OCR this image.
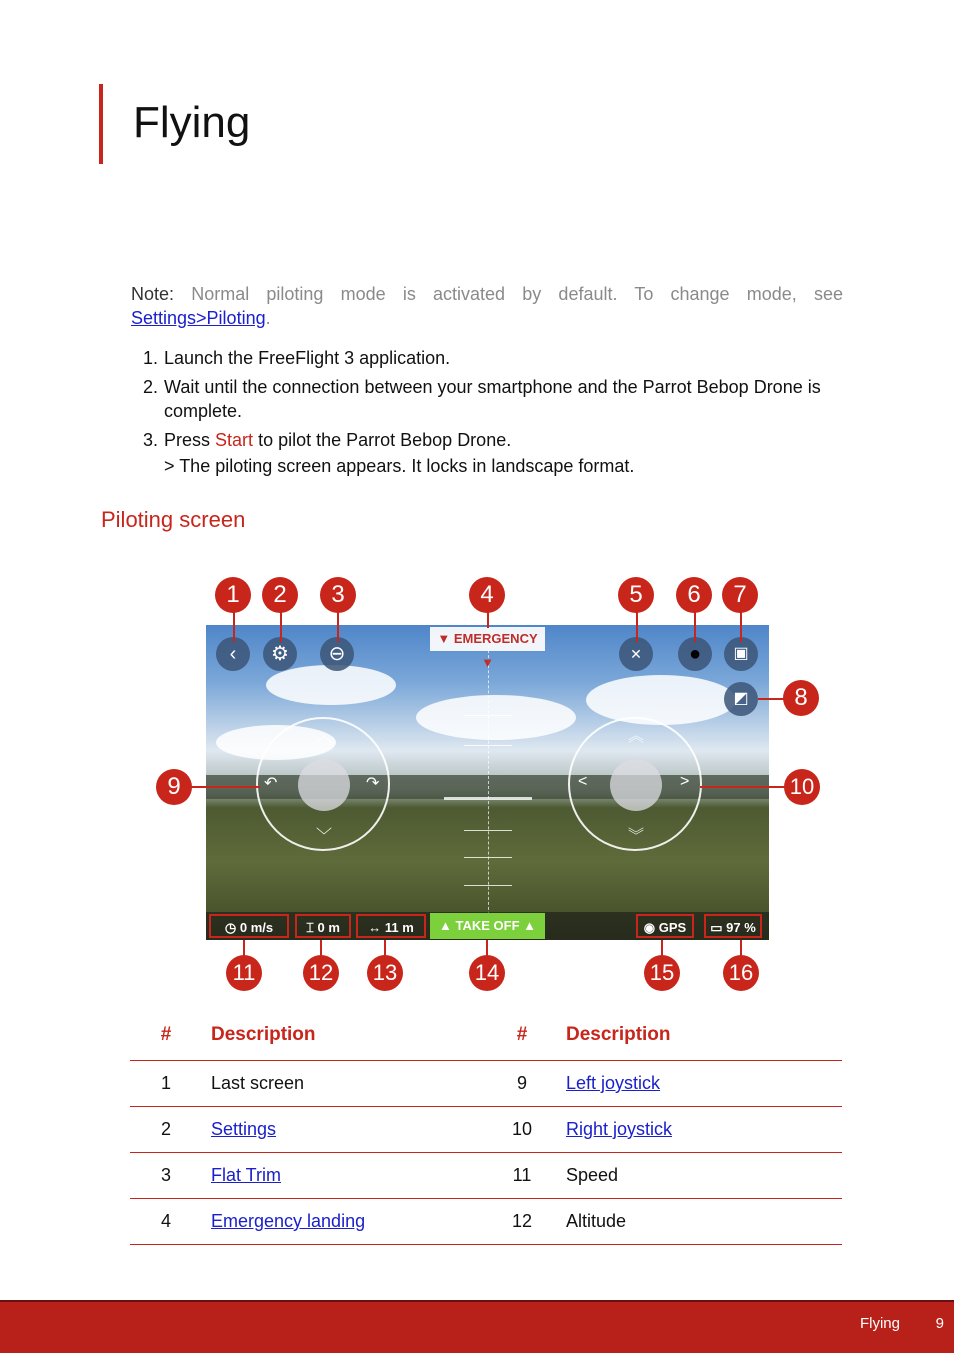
Flying
Note: Normal piloting mode is activated by default. To change mode, see Settings>Piloting.
1. Launch the FreeFlight 3 application.
2. Wait until the connection between your smartphone and the Parrot Bebop Drone is complete.
3. Press Start to pilot the Parrot Bebop Drone.
> The piloting screen appears. It locks in landscape format.
Piloting screen
‹	⚙	⊖
▼ EMERGENCY ▼
✕	●	▣
◩
︿
﹀
↶	↷
︽
︾
<	>
◷ 0 m/s	⌶ 0 m	↔ 11 m	▲ TAKE OFF ▲	◉ GPS	▭ 97 %
1	2	3	4	5	6	7
8
9	10
11 12 13	14	15 16
#	Description	#	Description
1	Last screen	9	Left joystick
2	Settings	10	Right joystick
3	Flat Trim	11	Speed
4	Emergency landing	12	Altitude
Flying 9
